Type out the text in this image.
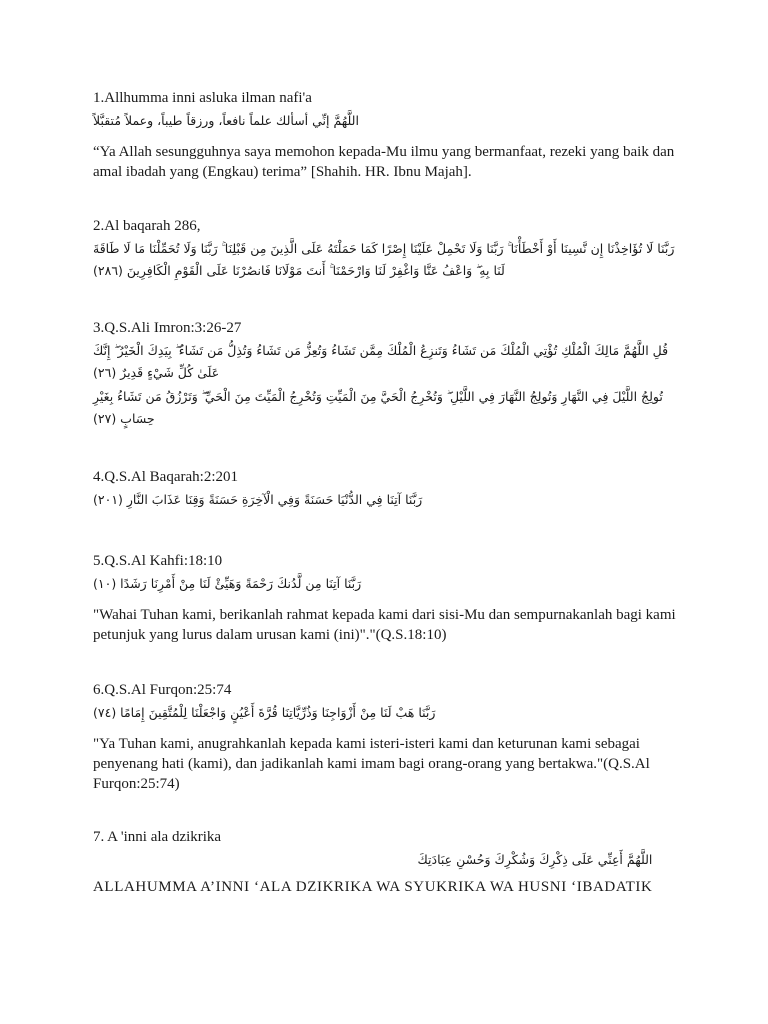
1.Allhumma inni asluka ilman nafi'a

اللَّهُمَّ إنِّي أسألك علماً نافعاً، ورزقاً طيباً، وعملاً مُتقبَّلاً

“Ya Allah sesungguhnya saya memohon kepada-Mu ilmu yang bermanfaat, rezeki yang baik dan amal ibadah yang (Engkau) terima” [Shahih. HR. Ibnu Majah].

2.Al baqarah 286,

رَبَّنَا لَا تُؤَاخِذْنَا إِن نَّسِينَا أَوْ أَخْطَأْنَا ۚ رَبَّنَا وَلَا تَحْمِلْ عَلَيْنَا إِصْرًا كَمَا حَمَلْتَهُ عَلَى الَّذِينَ مِن قَبْلِنَا ۚ رَبَّنَا وَلَا تُحَمِّلْنَا مَا لَا طَاقَةَ لَنَا بِهِ ۖ وَاعْفُ عَنَّا وَاغْفِرْ لَنَا وَارْحَمْنَا ۚ أَنتَ مَوْلَانَا فَانصُرْنَا عَلَى الْقَوْمِ الْكَافِرِينَ (٢٨٦)

3.Q.S.Ali Imron:3:26-27

قُلِ اللَّهُمَّ مَالِكَ الْمُلْكِ تُؤْتِي الْمُلْكَ مَن تَشَاءُ وَتَنزِعُ الْمُلْكَ مِمَّن تَشَاءُ وَتُعِزُّ مَن تَشَاءُ وَتُذِلُّ مَن تَشَاءُ ۖ بِيَدِكَ الْخَيْرُ ۖ إِنَّكَ عَلَىٰ كُلِّ شَيْءٍ قَدِيرٌ (٢٦)

تُولِجُ اللَّيْلَ فِي النَّهَارِ وَتُولِجُ النَّهَارَ فِي اللَّيْلِ ۖ وَتُخْرِجُ الْحَيَّ مِنَ الْمَيِّتِ وَتُخْرِجُ الْمَيِّتَ مِنَ الْحَيِّ ۖ وَتَرْزُقُ مَن تَشَاءُ بِغَيْرِ حِسَابٍ (٢٧)

4.Q.S.Al Baqarah:2:201

رَبَّنَا آتِنَا فِي الدُّنْيَا حَسَنَةً وَفِي الْآخِرَةِ حَسَنَةً وَقِنَا عَذَابَ النَّارِ (٢٠١)

5.Q.S.Al Kahfi:18:10

رَبَّنَا آتِنَا مِن لَّدُنكَ رَحْمَةً وَهَيِّئْ لَنَا مِنْ أَمْرِنَا رَشَدًا (١٠)

"Wahai Tuhan kami, berikanlah rahmat kepada kami dari sisi-Mu dan sempurnakanlah bagi kami petunjuk yang lurus dalam urusan kami (ini)"."(Q.S.18:10)

6.Q.S.Al Furqon:25:74

رَبَّنَا هَبْ لَنَا مِنْ أَزْوَاجِنَا وَذُرِّيَّاتِنَا قُرَّةَ أَعْيُنٍ وَاجْعَلْنَا لِلْمُتَّقِينَ إِمَامًا (٧٤)

"Ya Tuhan kami, anugrahkanlah kepada kami isteri-isteri kami dan keturunan kami sebagai penyenang hati (kami), dan jadikanlah kami imam bagi orang-orang yang bertakwa."(Q.S.Al Furqon:25:74)

7. A 'inni ala dzikrika

اللَّهُمَّ أَعِنِّي عَلَى ذِكْرِكَ وَشُكْرِكَ وَحُسْنِ عِبَادَتِكَ

ALLAHUMMA A’INNI ‘ALA DZIKRIKA WA SYUKRIKA WA HUSNI ‘IBADATIK
